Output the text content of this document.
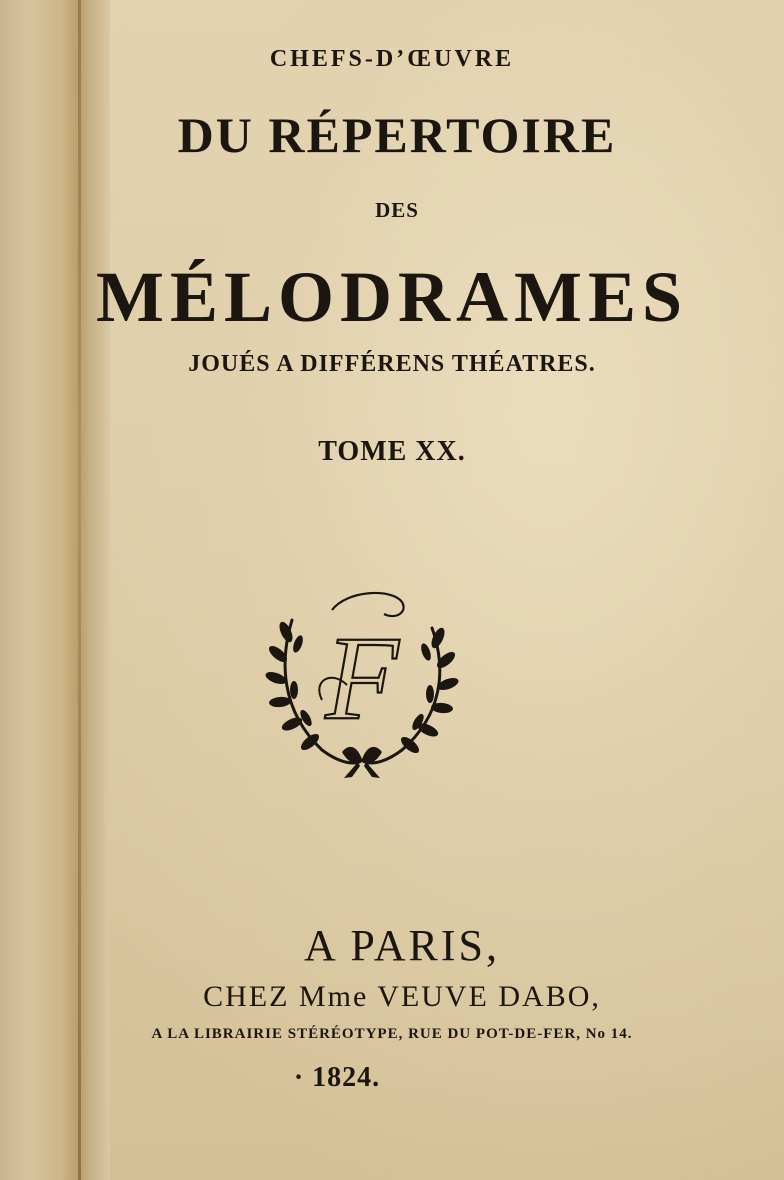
CHEFS-D’ŒUVRE
DU RÉPERTOIRE
DES
MÉLODRAMES
JOUÉS A DIFFÉRENS THÉATRES.
TOME XX.
F
A PARIS,
CHEZ Mme VEUVE DABO,
A LA LIBRAIRIE STÉRÉOTYPE, RUE DU POT-DE-FER, No 14.
· 1824.
